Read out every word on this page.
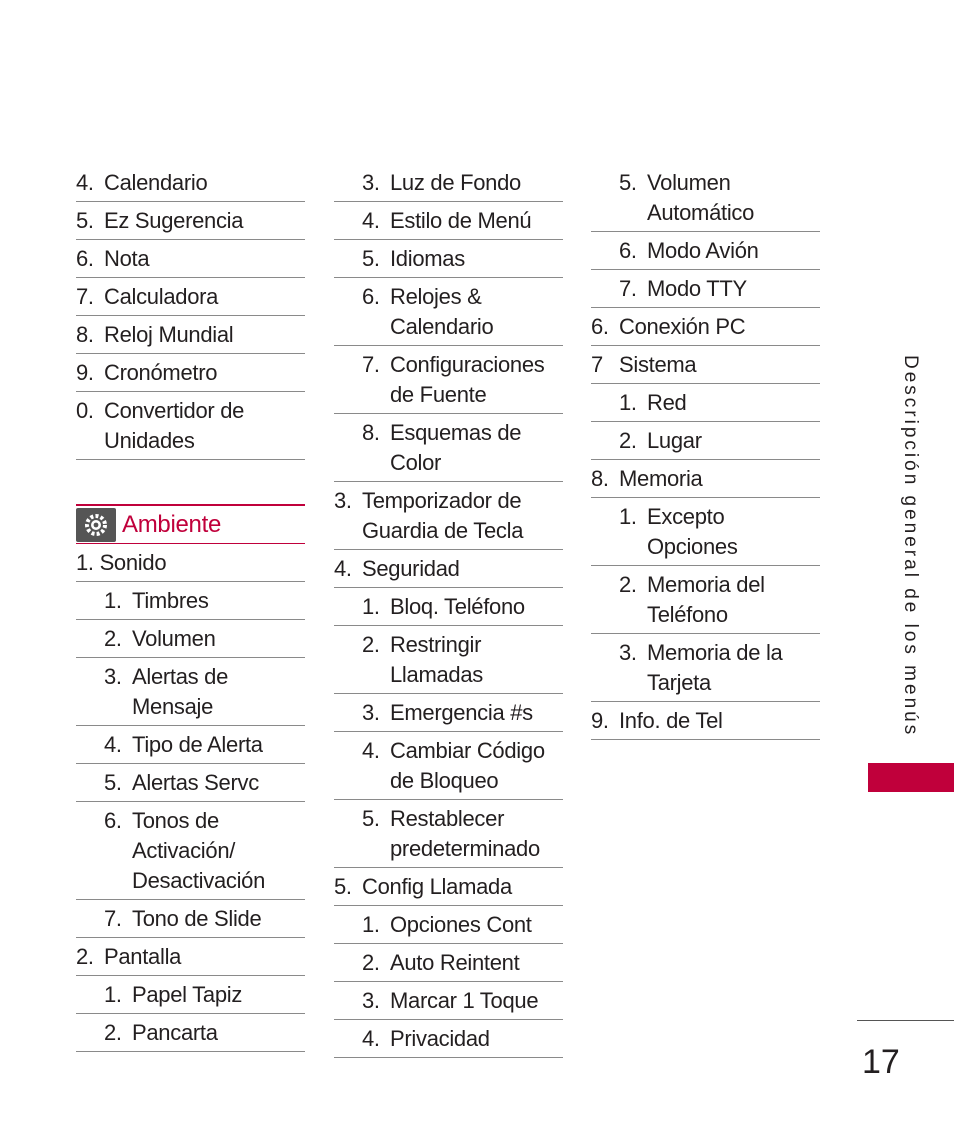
4. Calendario
5. Ez Sugerencia
6. Nota
7. Calculadora
8. Reloj Mundial
9. Cronómetro
0. Convertidor de Unidades
Ambiente
1. Sonido
1. Timbres
2. Volumen
3. Alertas de Mensaje
4. Tipo de Alerta
5. Alertas Servc
6. Tonos de Activación/ Desactivación
7. Tono de Slide
2. Pantalla
1. Papel Tapiz
2. Pancarta
3. Luz de Fondo
4. Estilo de Menú
5. Idiomas
6. Relojes & Calendario
7. Configuraciones de Fuente
8. Esquemas de Color
3. Temporizador de Guardia de Tecla
4. Seguridad
1. Bloq. Teléfono
2. Restringir Llamadas
3. Emergencia #s
4. Cambiar Código de Bloqueo
5. Restablecer predeterminado
5. Config Llamada
1. Opciones Cont
2. Auto Reintent
3. Marcar 1 Toque
4. Privacidad
5. Volumen Automático
6. Modo Avión
7. Modo TTY
6. Conexión PC
7 Sistema
1. Red
2. Lugar
8. Memoria
1. Excepto Opciones
2. Memoria del Teléfono
3. Memoria de la Tarjeta
9. Info. de Tel	Descripción general de los menús
17
